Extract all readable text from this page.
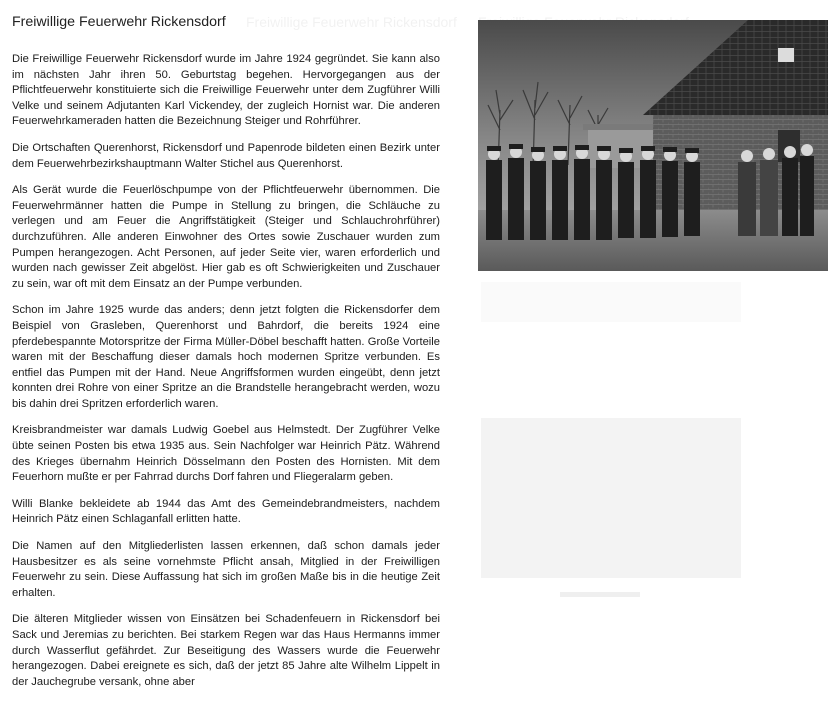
Freiwillige Feuerwehr Rickensdorf Freiwillige Feuerwehr Rickensdorf

Die Freiwillige Feuerwehr Rickensdorf wurde im Jahre 1924 gegründet. Sie kann also im nächsten Jahr ihren 50. Geburtstag begehen. Hervorgegangen aus der Pflichtfeuerwehr konstituierte sich die Freiwillige Feuerwehr unter dem Zugführer Willi Velke und seinem Adjutanten Karl Vickendey, der zugleich Hornist war. Die anderen Feuerwehrkameraden hatten die Bezeichnung Steiger und Rohrführer.

Die Ortschaften Querenhorst, Rickensdorf und Papenrode bildeten einen Bezirk unter dem Feuerwehrbezirkshauptmann Walter Stichel aus Querenhorst.

Als Gerät wurde die Feuerlöschpumpe von der Pflichtfeuerwehr übernommen. Die Feuerwehrmänner hatten die Pumpe in Stellung zu bringen, die Schläuche zu verlegen und am Feuer die Angriffstätigkeit (Steiger und Schlauchrohrführer) durchzuführen. Alle anderen Einwohner des Ortes sowie Zuschauer wurden zum Pumpen herangezogen. Acht Personen, auf jeder Seite vier, waren erforderlich und wurden nach gewisser Zeit abgelöst. Hier gab es oft Schwierigkeiten und Zuschauer zu sein, war oft mit dem Einsatz an der Pumpe verbunden.

Schon im Jahre 1925 wurde das anders; denn jetzt folgten die Rickensdorfer dem Beispiel von Grasleben, Querenhorst und Bahrdorf, die bereits 1924 eine pferdebespannte Motorspritze der Firma Müller-Döbel beschafft hatten. Große Vorteile waren mit der Beschaffung dieser damals hoch modernen Spritze verbunden. Es entfiel das Pumpen mit der Hand. Neue Angriffsformen wurden eingeübt, denn jetzt konnten drei Rohre von einer Spritze an die Brandstelle herangebracht werden, wozu bis dahin drei Spritzen erforderlich waren.

Kreisbrandmeister war damals Ludwig Goebel aus Helmstedt. Der Zugführer Velke übte seinen Posten bis etwa 1935 aus. Sein Nachfolger war Heinrich Pätz. Während des Krieges übernahm Heinrich Dösselmann den Posten des Hornisten. Mit dem Feuerhorn mußte er per Fahrrad durchs Dorf fahren und Fliegeralarm geben.

Willi Blanke bekleidete ab 1944 das Amt des Gemeindebrandmeisters, nachdem Heinrich Pätz einen Schlaganfall erlitten hatte.

Die Namen auf den Mitgliederlisten lassen erkennen, daß schon damals jeder Hausbesitzer es als seine vornehmste Pflicht ansah, Mitglied in der Freiwilligen Feuerwehr zu sein. Diese Auffassung hat sich im großen Maße bis in die heutige Zeit erhalten.

Die älteren Mitglieder wissen von Einsätzen bei Schadenfeuern in Rickensdorf bei Sack und Jeremias zu berichten. Bei starkem Regen war das Haus Hermanns immer durch Wasserflut gefährdet. Zur Beseitigung des Wassers wurde die Feuerwehr herangezogen. Dabei ereignete es sich, daß der jetzt 85 Jahre alte Wilhelm Lippelt in der Jauchegrube versank, ohne aber
